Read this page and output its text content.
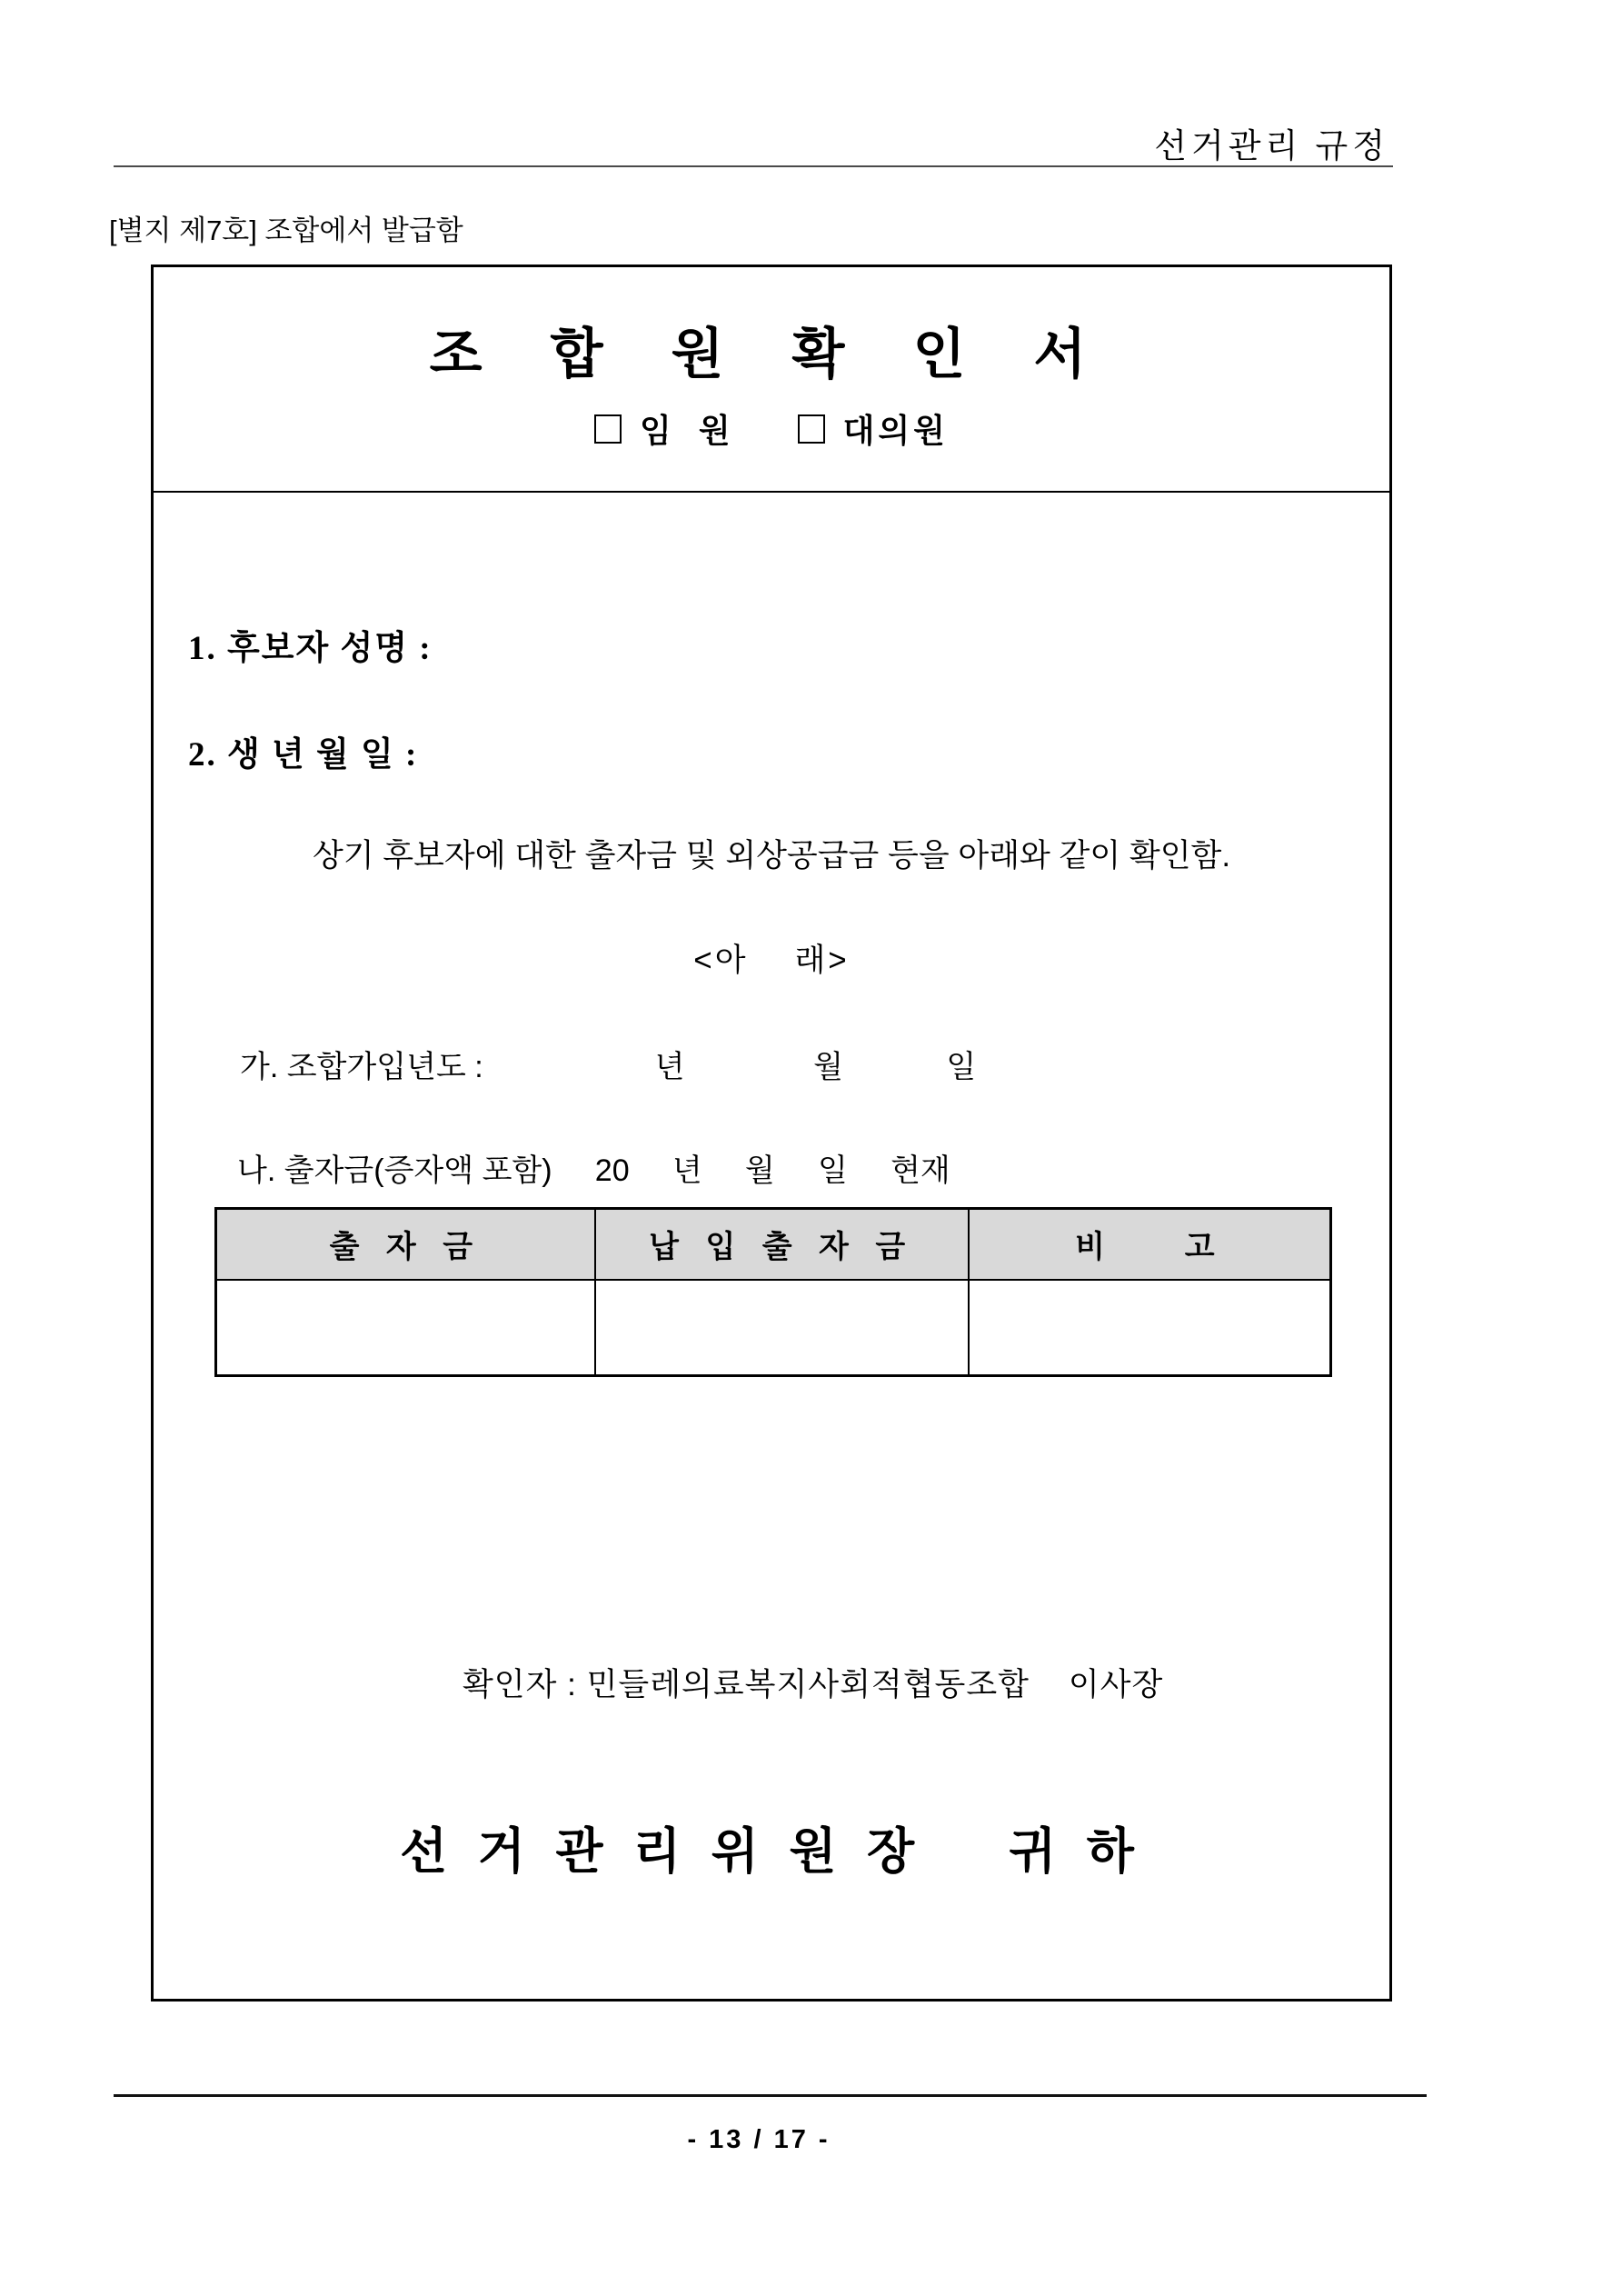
선거관리 규정
[별지 제7호] 조합에서 발급함
조 합 원 확 인 서
임  원	대의원
1. 후보자 성명 :
2. 생 년 월 일 :
상기 후보자에 대한 출자금 및 외상공급금 등을 아래와 같이 확인함.
<아    래>
가. 조합가입년도 :                    년               월            일
나. 출자금(증자액 포함)     20     년     월     일     현재
출 자 금	납 입 출 자 금	비    고

확인자 : 민들레의료복지사회적협동조합    이사장
선 거 관 리 위 원 장    귀 하
- 13 / 17 -
